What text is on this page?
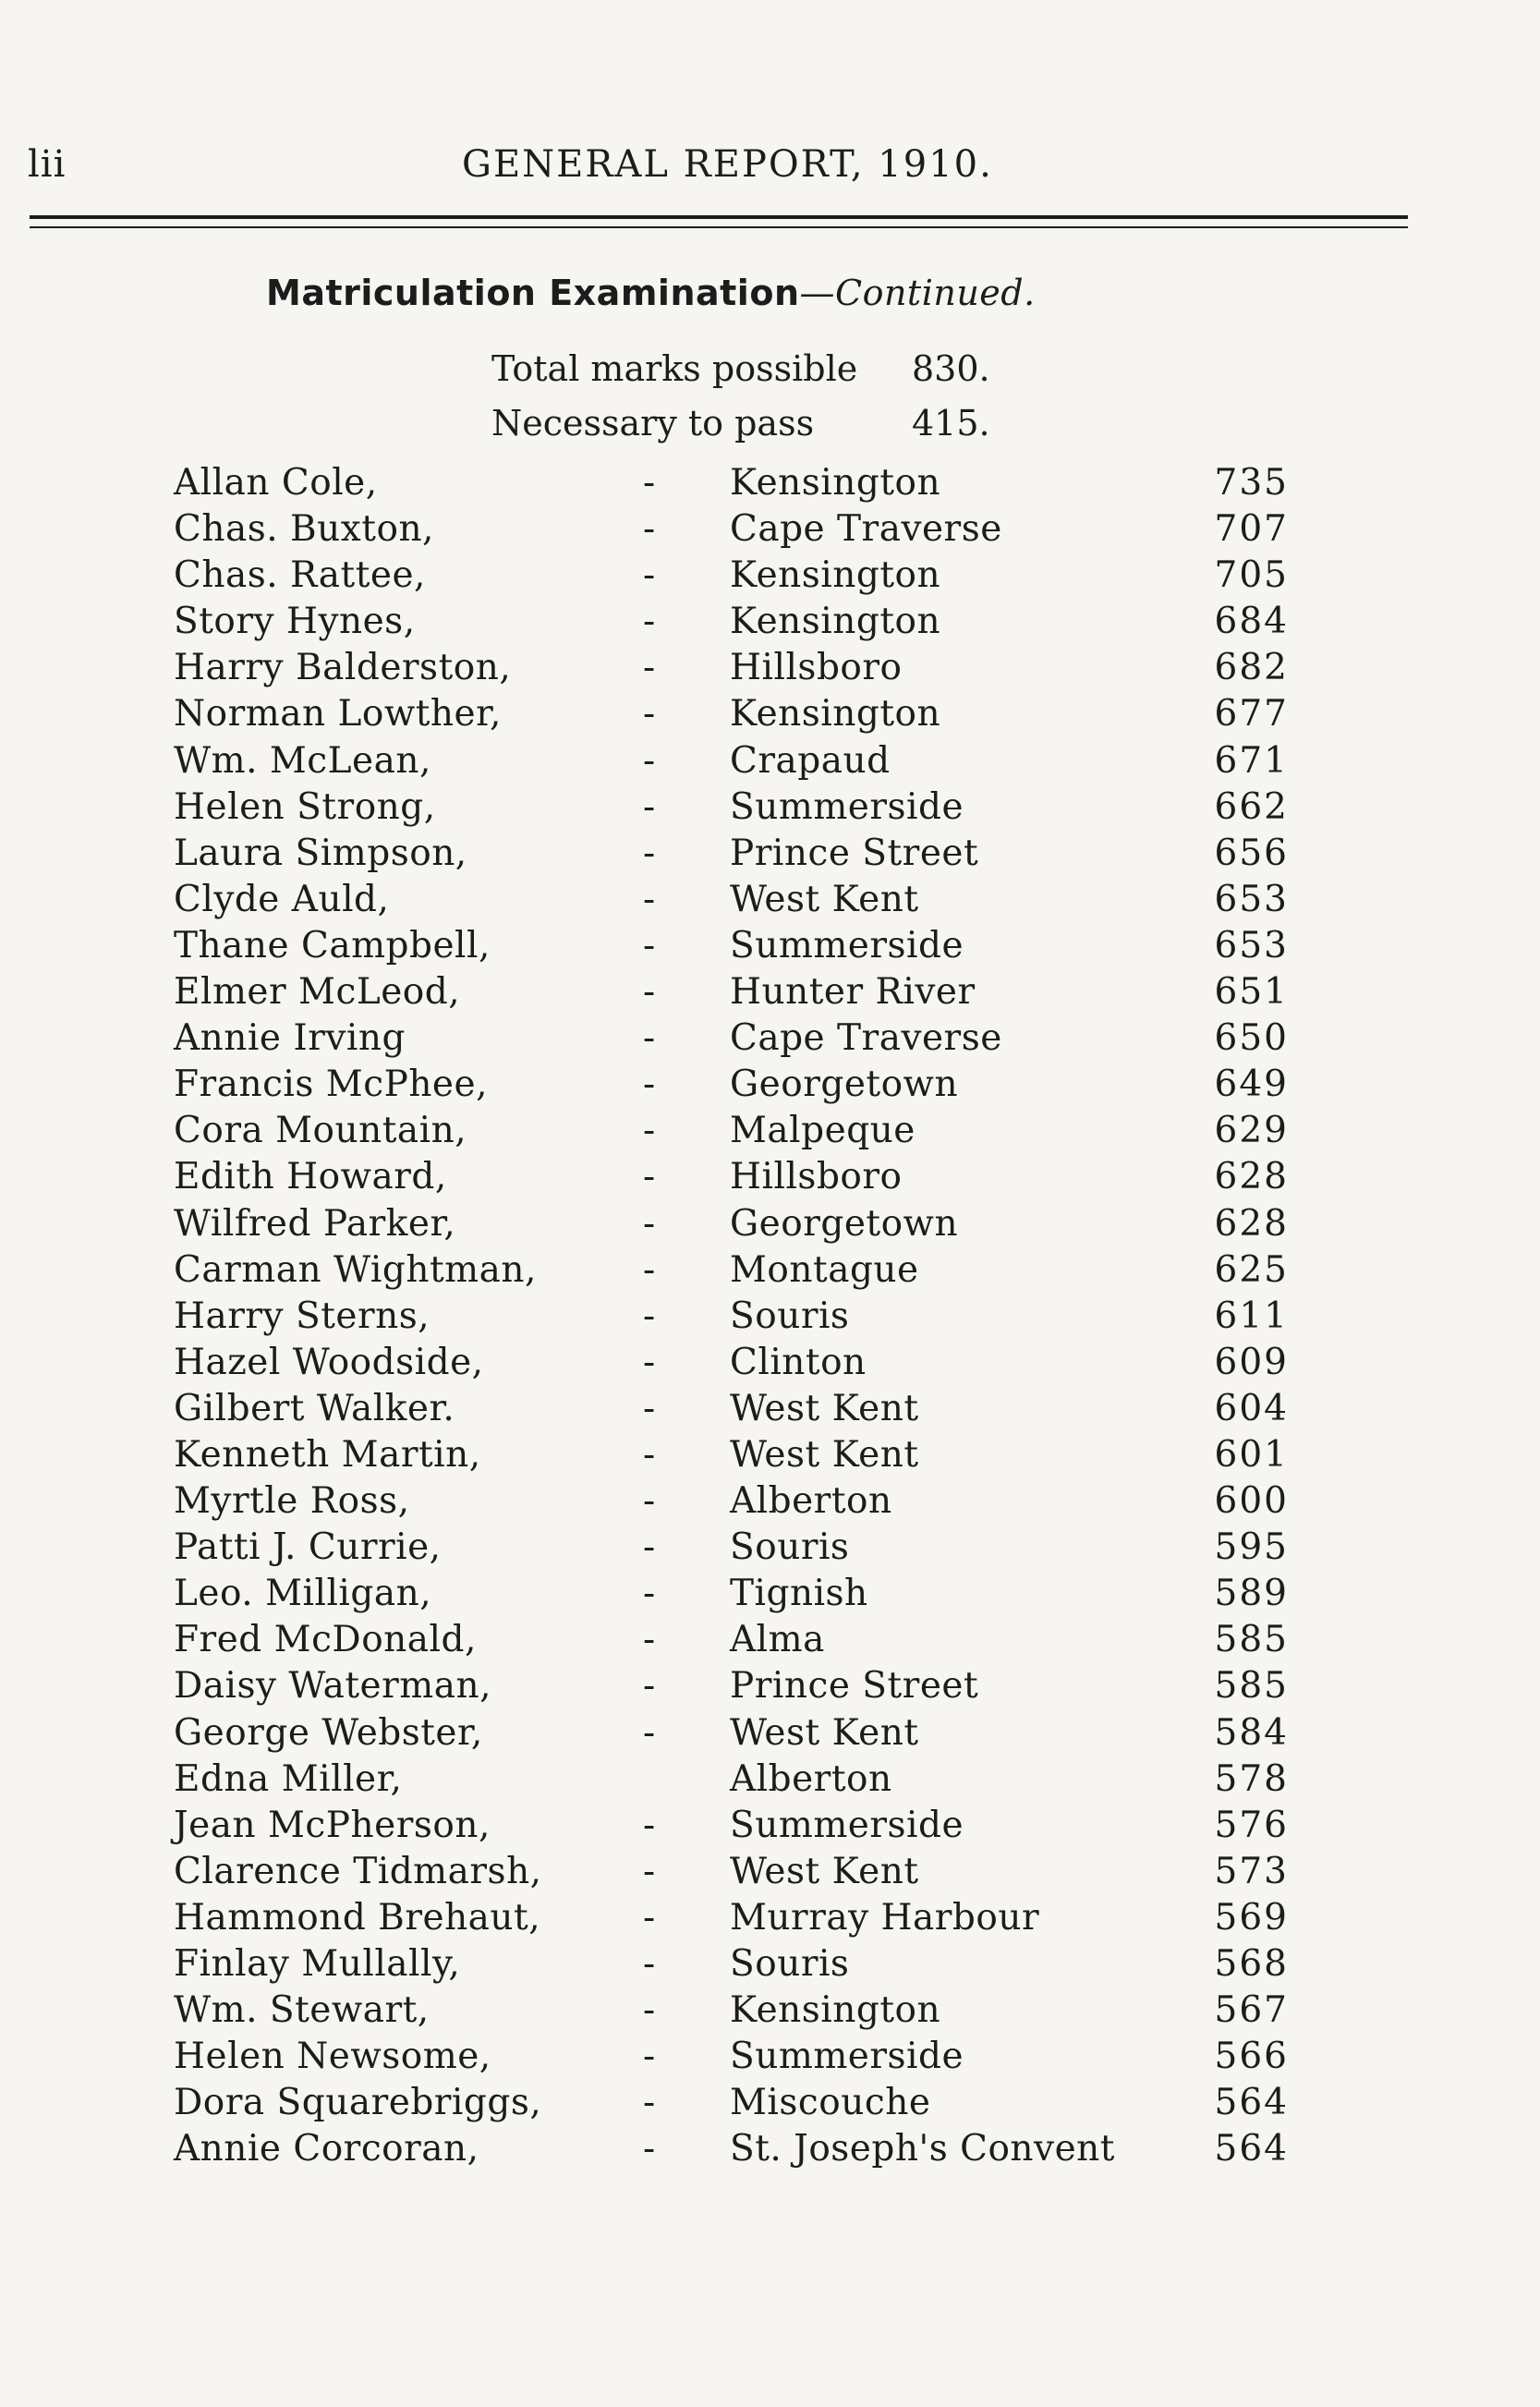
lii	GENERAL REPORT, 1910.
Matriculation Examination—Continued.
Total marks possible 830.
Necessary to pass	415.
Allan Cole,	- Kensington	735
Chas. Buxton,	- Cape Traverse	707
Chas. Rattee,	- Kensington	705
Story Hynes,	- Kensington	684
Harry Balderston,	- Hillsboro	682
Norman Lowther,	- Kensington	677
Wm. McLean,	- Crapaud	671
Helen Strong,	- Summerside	662
Laura Simpson,	- Prince Street	656
Clyde Auld,	- West Kent	653
Thane Campbell,	- Summerside	653
Elmer McLeod,	- Hunter River	651
Annie Irving	- Cape Traverse	650
Francis McPhee,	- Georgetown	649
Cora Mountain,	- Malpeque	629
Edith Howard,	- Hillsboro	628
Wilfred Parker,	- Georgetown	628
Carman Wightman,	- Montague	625
Harry Sterns,	- Souris	611
Hazel Woodside,	- Clinton	609
Gilbert Walker.	- West Kent	604
Kenneth Martin,	- West Kent	601
Myrtle Ross,	- Alberton	600
Patti J. Currie,	- Souris	595
Leo. Milligan,	- Tignish	589
Fred McDonald,	- Alma	585
Daisy Waterman,	- Prince Street	585
George Webster,	- West Kent	584
Edna Miller,	Alberton	578
Jean McPherson,	- Summerside	576
Clarence Tidmarsh,	- West Kent	573
Hammond Brehaut,	- Murray Harbour	569
Finlay Mullally,	- Souris	568
Wm. Stewart,	- Kensington	567
Helen Newsome,	- Summerside	566
Dora Squarebriggs,	- Miscouche	564
Annie Corcoran,	- St. Joseph's Convent	564
